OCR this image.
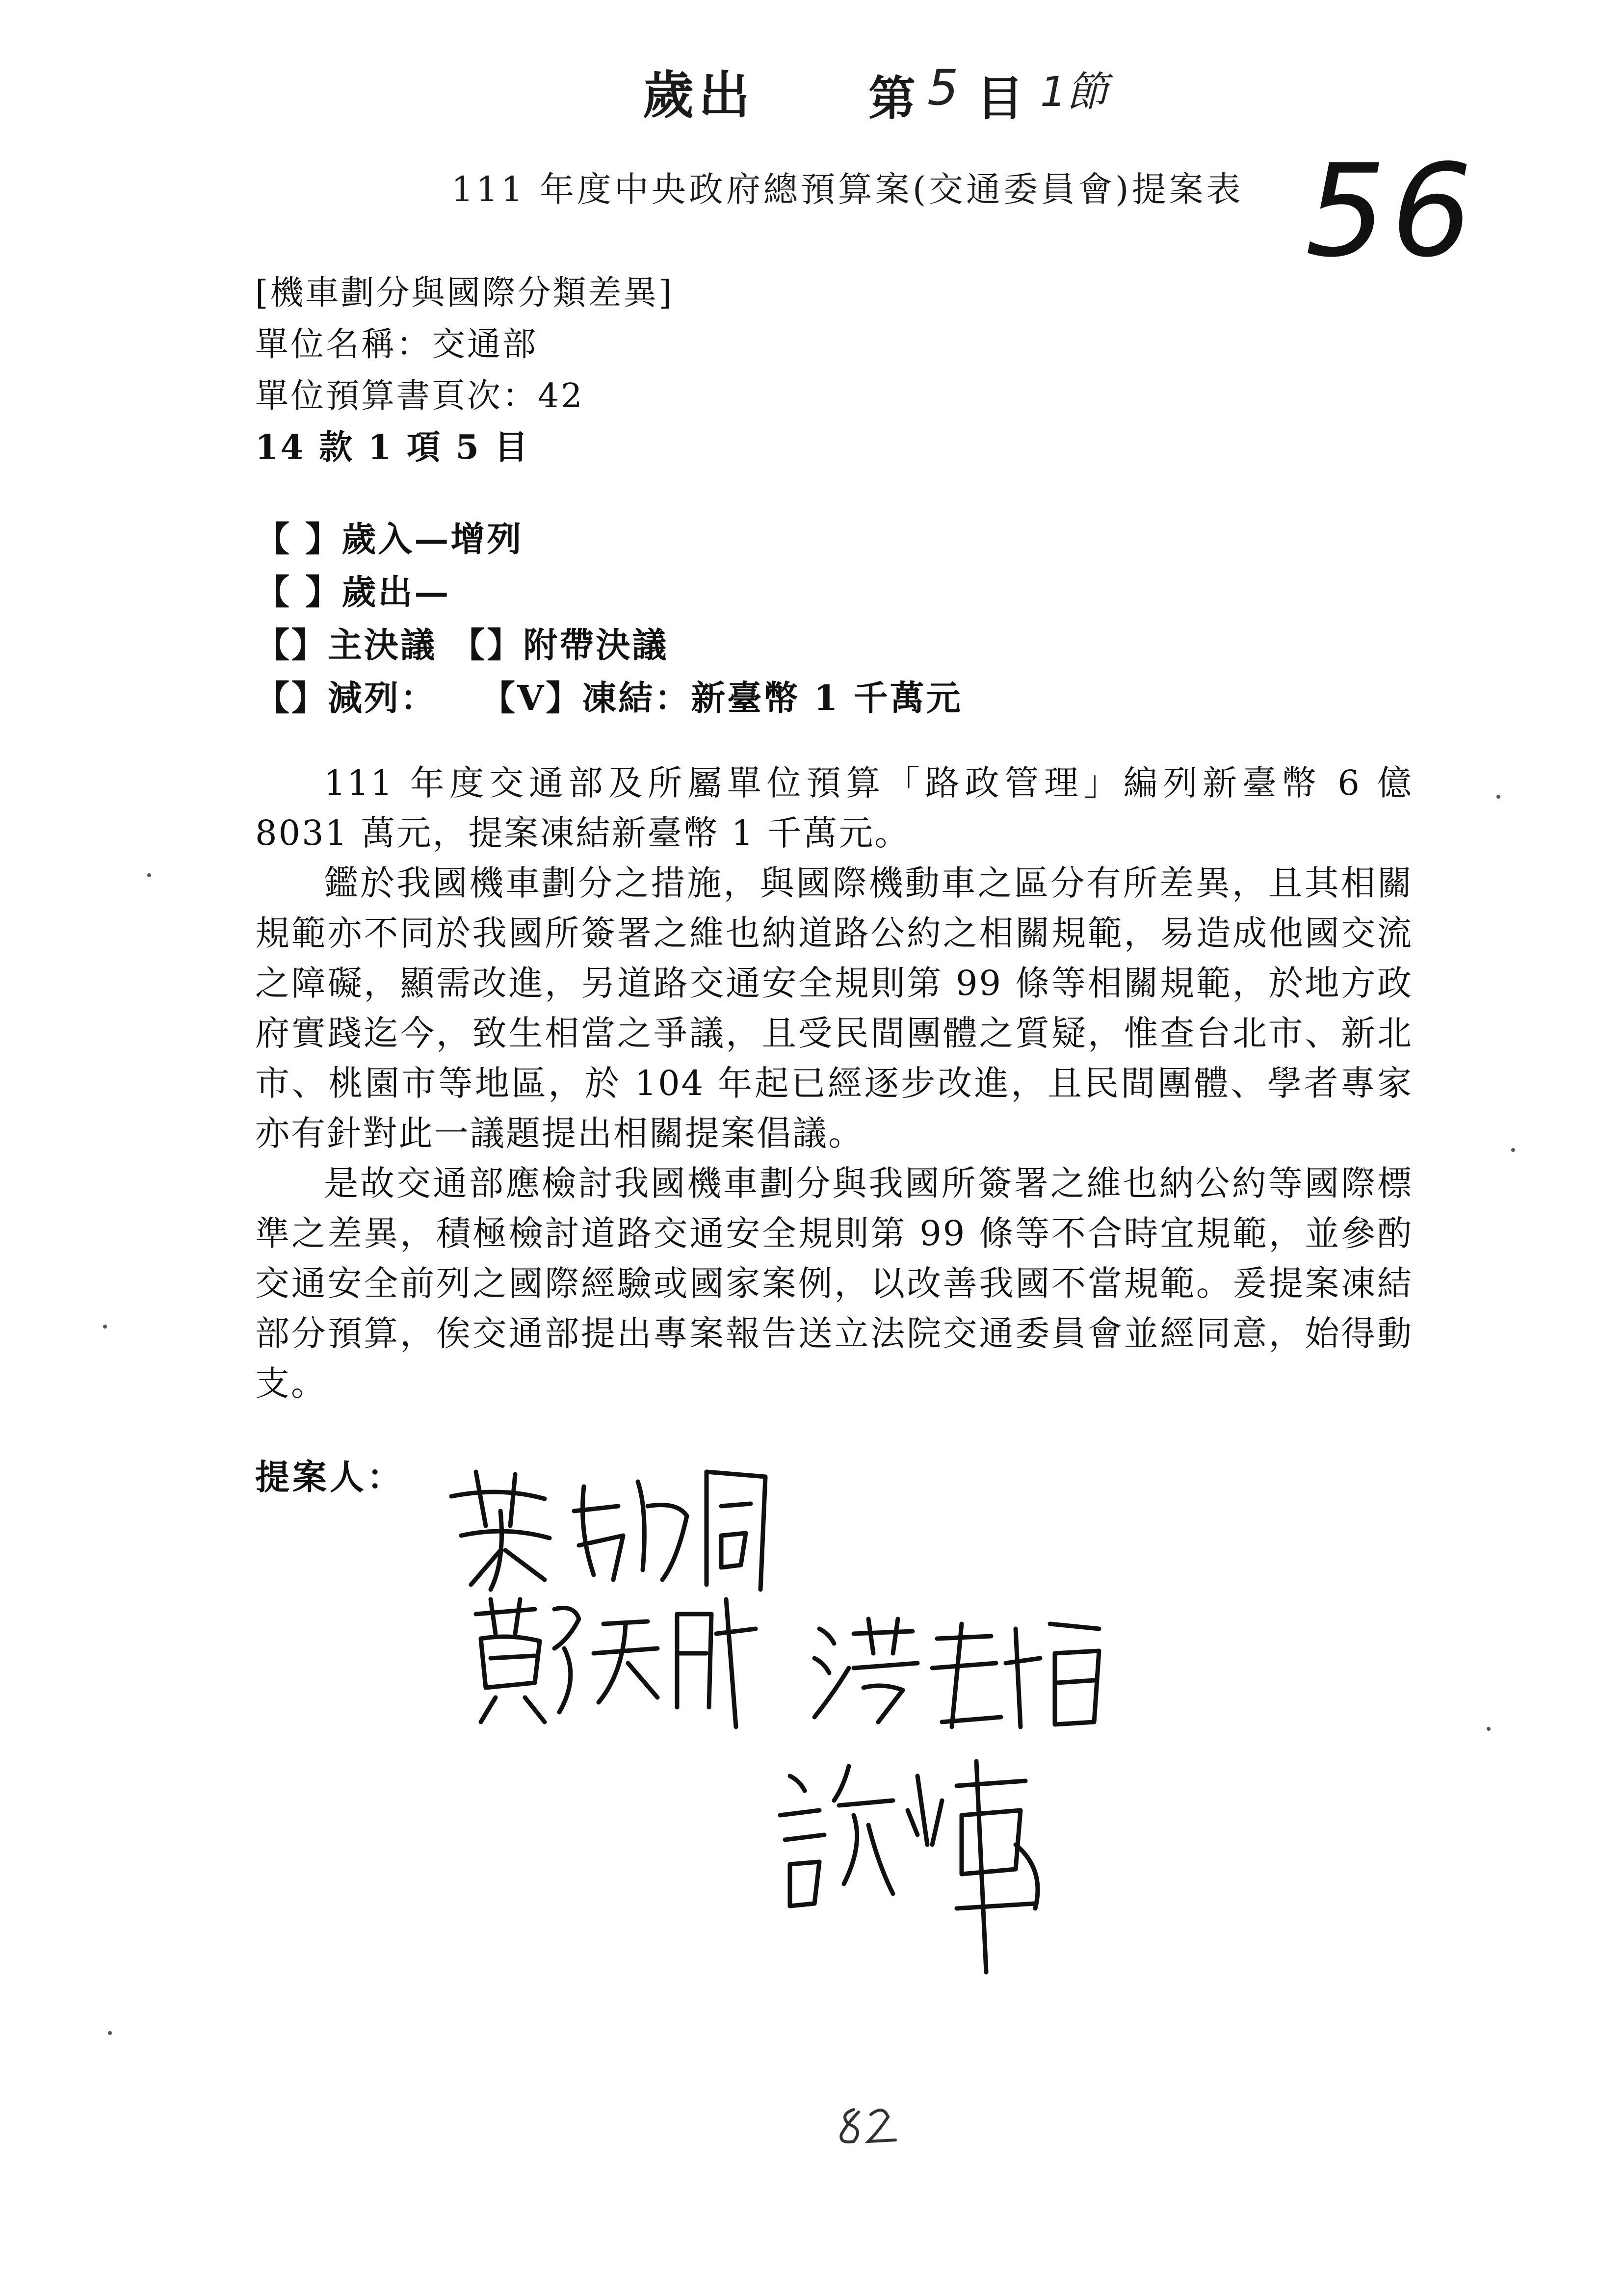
歲出 第 5 目 1節
111 年度中央政府總預算案(交通委員會)提案表 56
[機車劃分與國際分類差異]
單位名稱：交通部
單位預算書頁次：42
14 款 1 項 5 目
【 】歲入—增列
【 】歲出—
【】主決議 【】附帶決議
【】減列： 【V】凍結：新臺幣 1 千萬元

111 年度交通部及所屬單位預算「路政管理」編列新臺幣 6 億 8031 萬元，提案凍結新臺幣 1 千萬元。

鑑於我國機車劃分之措施，與國際機動車之區分有所差異，且其相關規範亦不同於我國所簽署之維也納道路公約之相關規範，易造成他國交流之障礙，顯需改進，另道路交通安全規則第 99 條等相關規範，於地方政府實踐迄今，致生相當之爭議，且受民間團體之質疑，惟查台北市、新北市、桃園市等地區，於 104 年起已經逐步改進，且民間團體、學者專家亦有針對此一議題提出相關提案倡議。

是故交通部應檢討我國機車劃分與我國所簽署之維也納公約等國際標準之差異，積極檢討道路交通安全規則第 99 條等不合時宜規範，並參酌交通安全前列之國際經驗或國家案例，以改善我國不當規範。爰提案凍結部分預算，俟交通部提出專案報告送立法院交通委員會並經同意，始得動支。

提案人：
